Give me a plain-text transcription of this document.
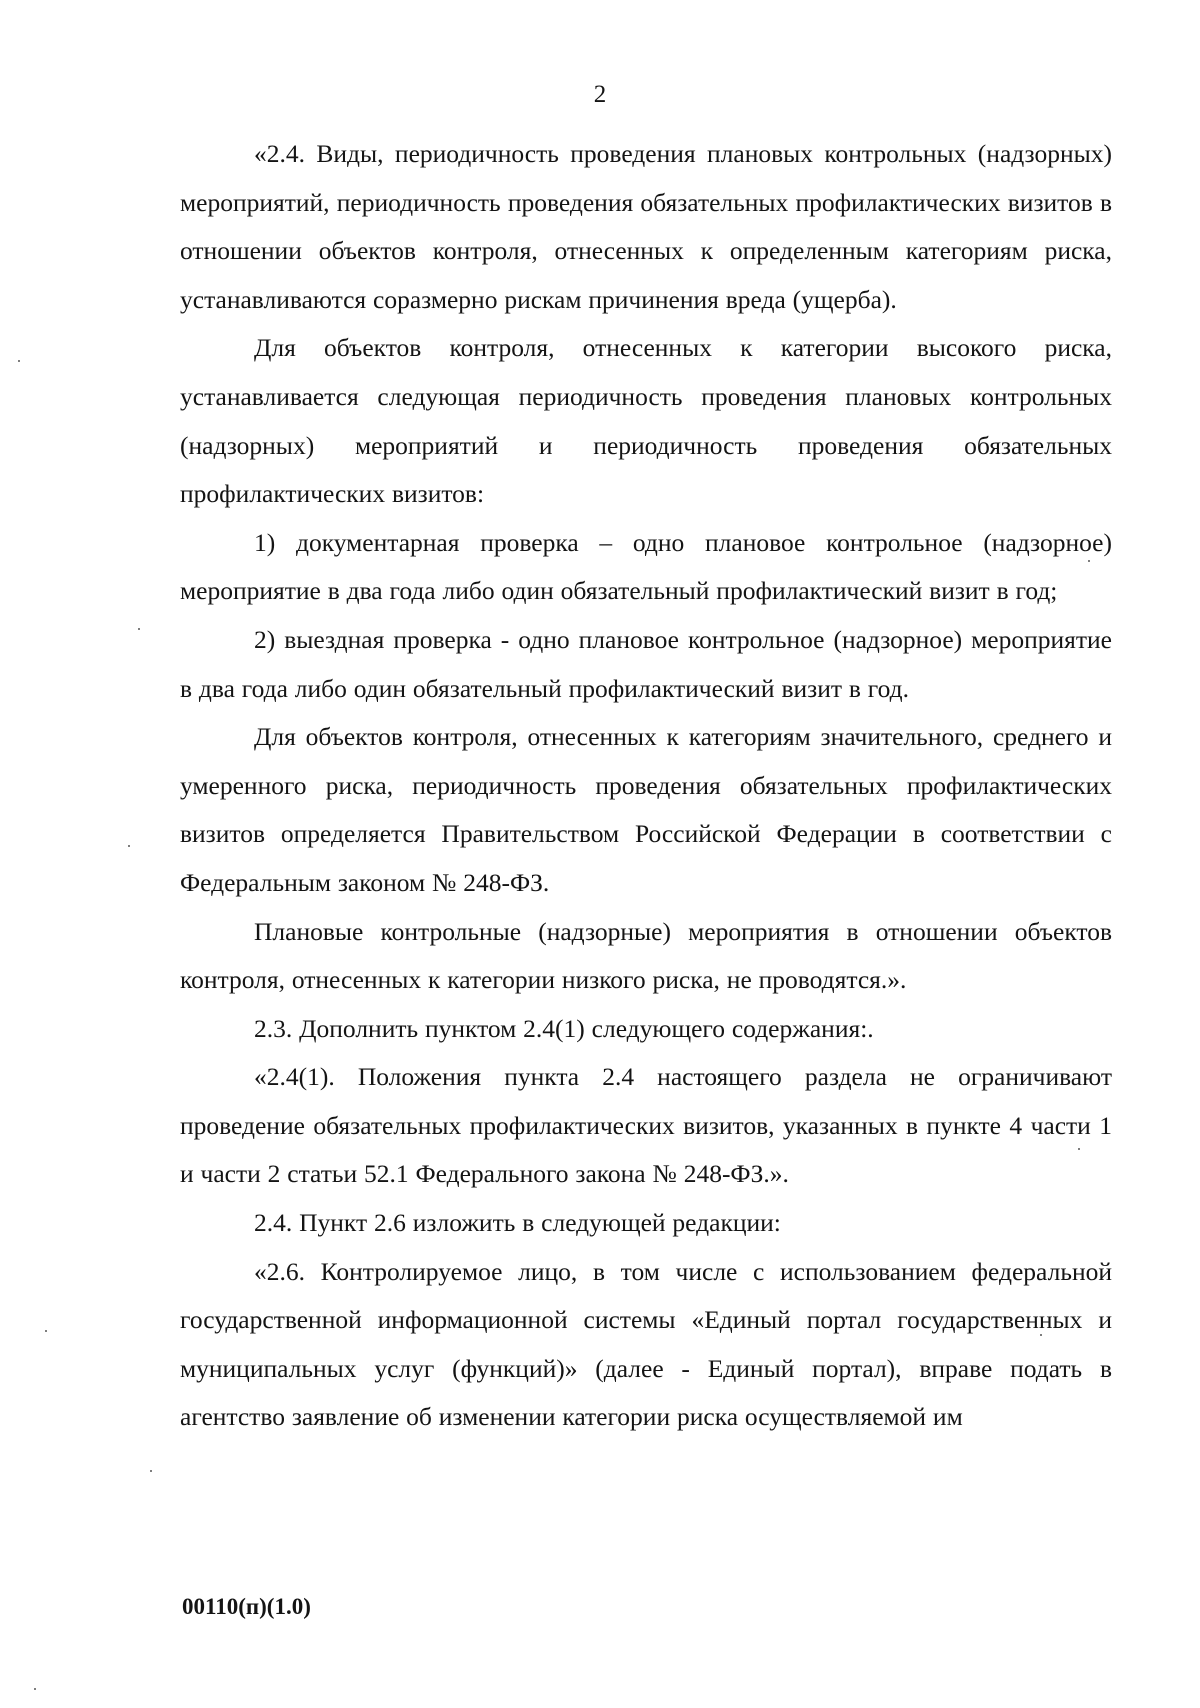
2

«2.4. Виды, периодичность проведения плановых контрольных (надзорных) мероприятий, периодичность проведения обязательных профилактических визитов в отношении объектов контроля, отнесенных к определенным категориям риска, устанавливаются соразмерно рискам причинения вреда (ущерба).

Для объектов контроля, отнесенных к категории высокого риска, устанавливается следующая периодичность проведения плановых контрольных (надзорных) мероприятий и периодичность проведения обязательных профилактических визитов:

1) документарная проверка – одно плановое контрольное (надзорное) мероприятие в два года либо один обязательный профилактический визит в год;

2) выездная проверка - одно плановое контрольное (надзорное) мероприятие в два года либо один обязательный профилактический визит в год.

Для объектов контроля, отнесенных к категориям значительного, среднего и умеренного риска, периодичность проведения обязательных профилактических визитов определяется Правительством Российской Федерации в соответствии с Федеральным законом № 248-ФЗ.

Плановые контрольные (надзорные) мероприятия в отношении объектов контроля, отнесенных к категории низкого риска, не проводятся.».

2.3. Дополнить пунктом 2.4(1) следующего содержания:.

«2.4(1). Положения пункта 2.4 настоящего раздела не ограничивают проведение обязательных профилактических визитов, указанных в пункте 4 части 1 и части 2 статьи 52.1 Федерального закона № 248-ФЗ.».

2.4. Пункт 2.6 изложить в следующей редакции:

«2.6. Контролируемое лицо, в том числе с использованием федеральной государственной информационной системы «Единый портал государственных и муниципальных услуг (функций)» (далее - Единый портал), вправе подать в агентство заявление об изменении категории риска осуществляемой им

00110(п)(1.0)
